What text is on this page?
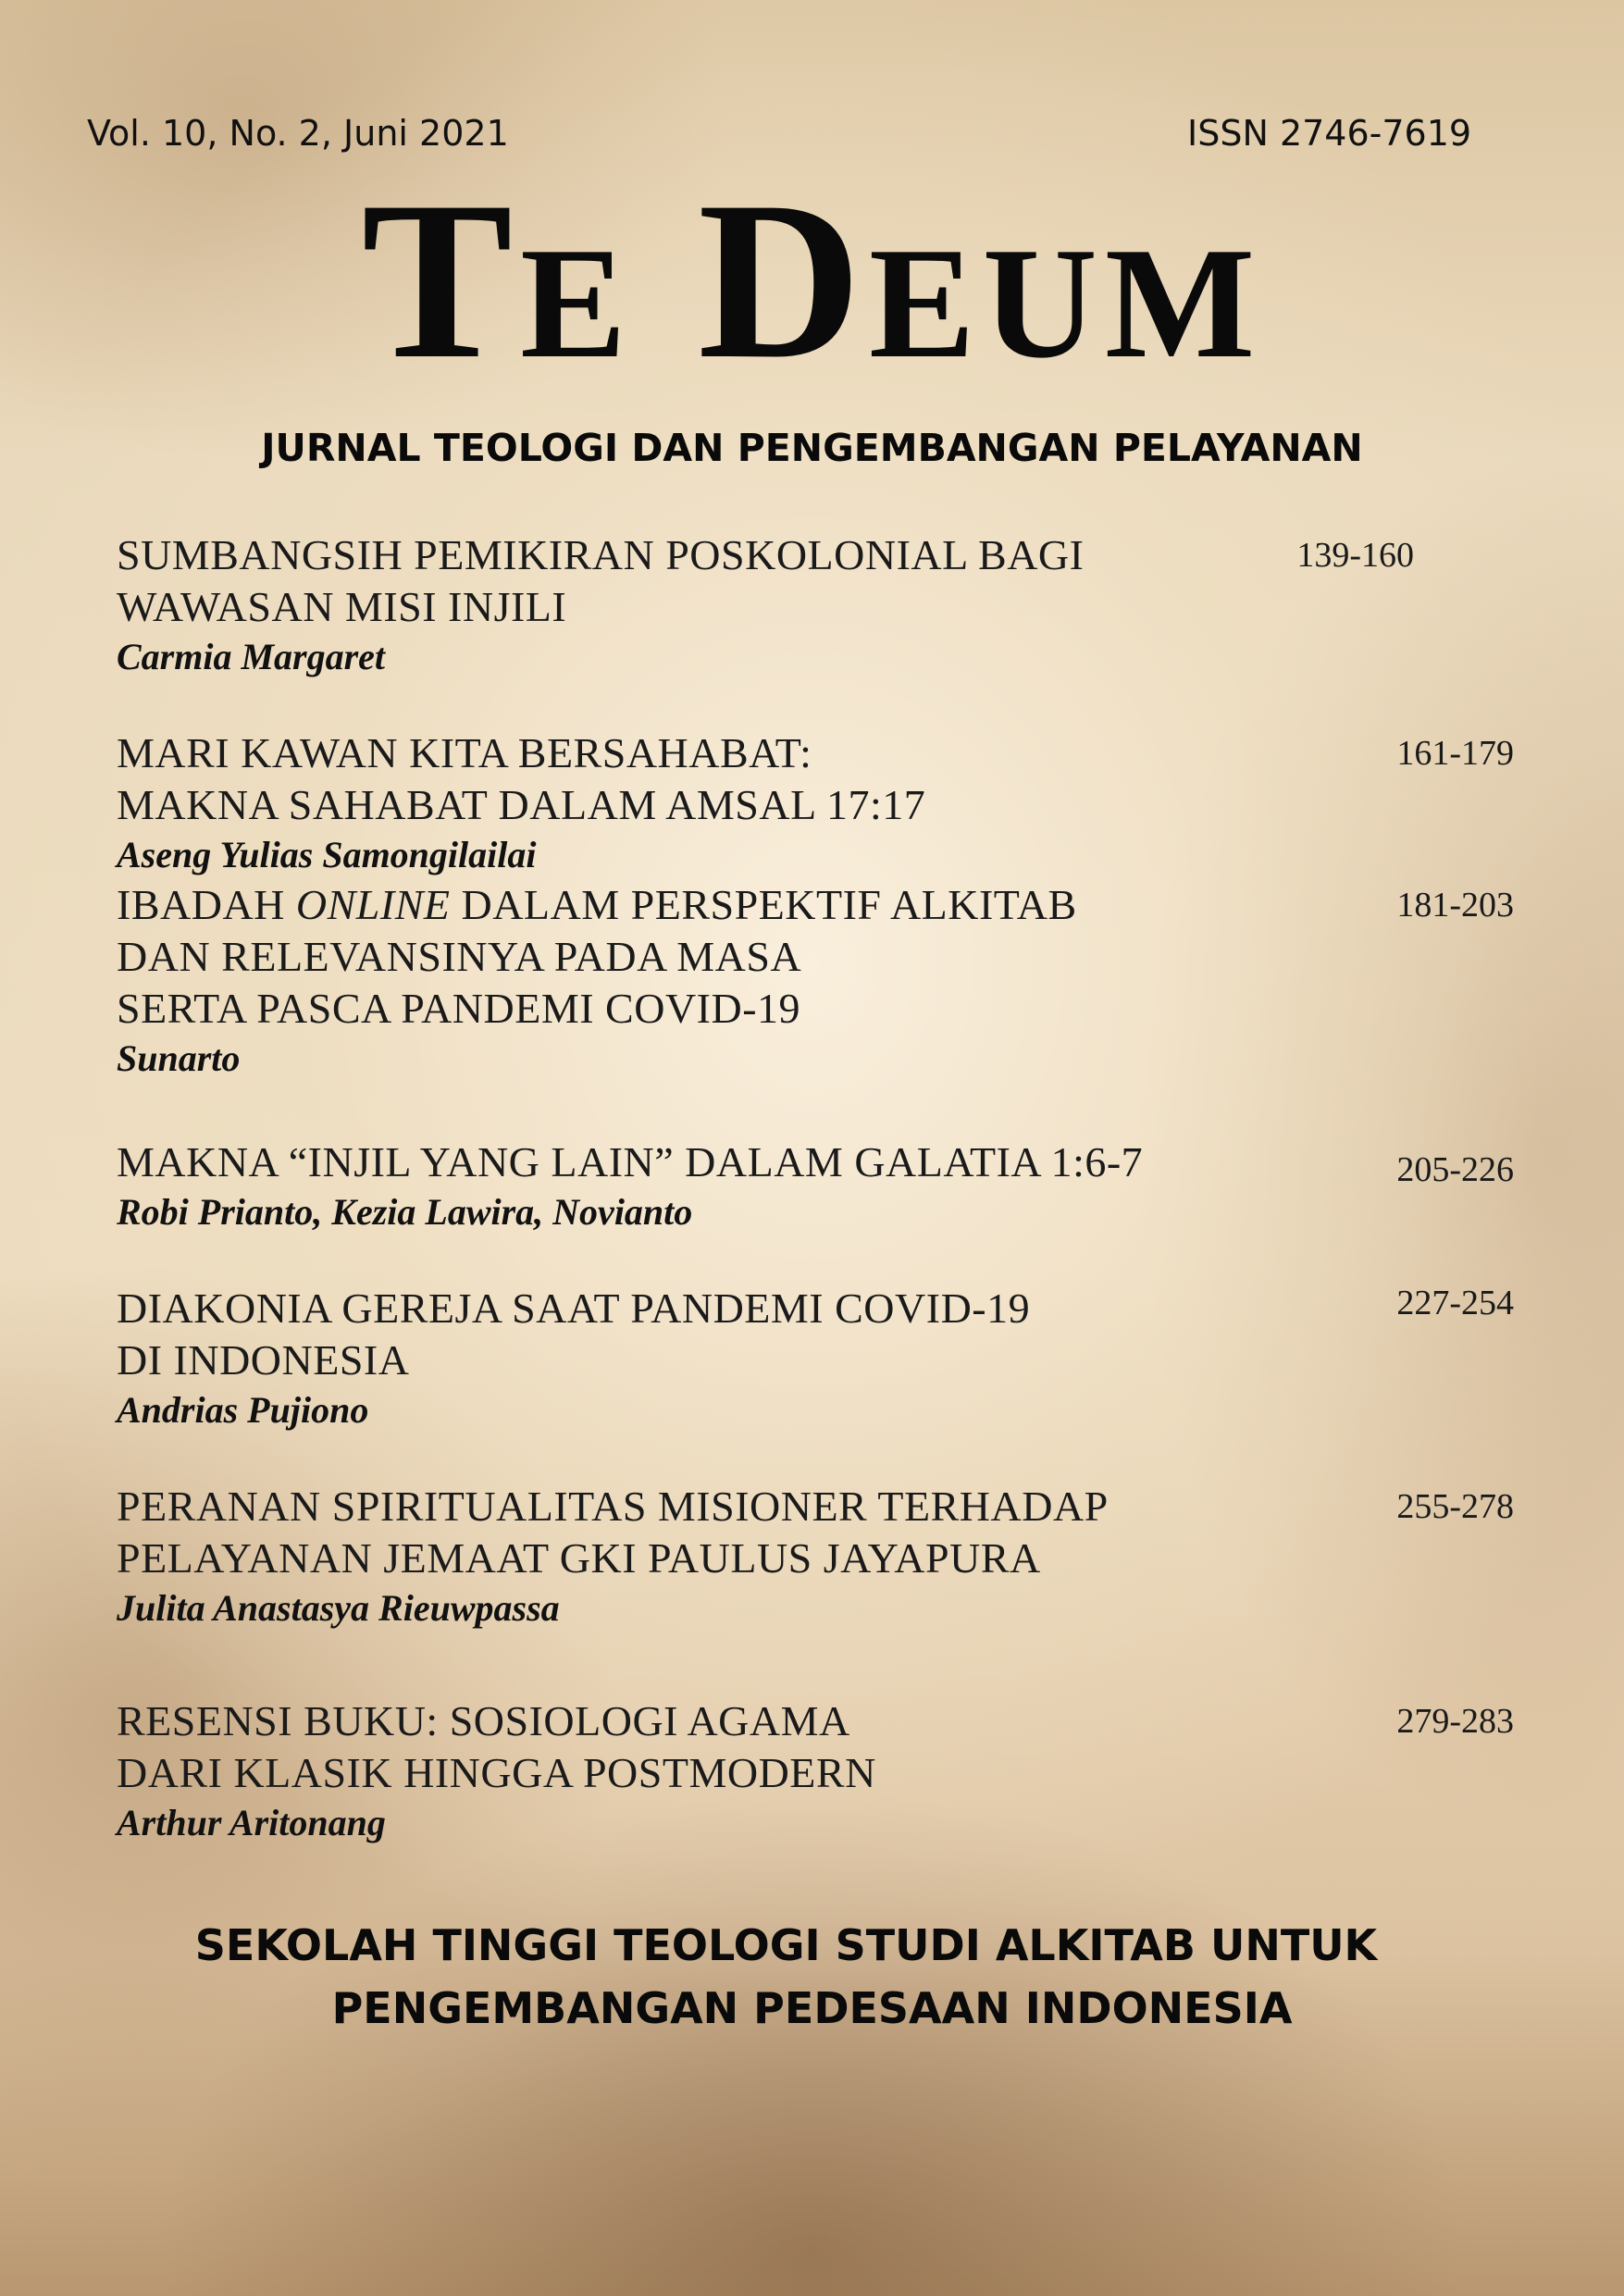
Vol. 10, No. 2, Juni 2021	ISSN 2746-7619
Te Deum
JURNAL TEOLOGI DAN PENGEMBANGAN PELAYANAN
SUMBANGSIH PEMIKIRAN POSKOLONIAL BAGI
WAWASAN MISI INJILI
Carmia Margaret
139-160
MARI KAWAN KITA BERSAHABAT:
MAKNA SAHABAT DALAM AMSAL 17:17
Aseng Yulias Samongilailai
161-179
IBADAH ONLINE DALAM PERSPEKTIF ALKITAB
DAN RELEVANSINYA PADA MASA
SERTA PASCA PANDEMI COVID-19
Sunarto
181-203
MAKNA “INJIL YANG LAIN” DALAM GALATIA 1:6-7
Robi Prianto, Kezia Lawira, Novianto
205-226
DIAKONIA GEREJA SAAT PANDEMI COVID-19
DI INDONESIA
Andrias Pujiono
227-254
PERANAN SPIRITUALITAS MISIONER TERHADAP
PELAYANAN JEMAAT GKI PAULUS JAYAPURA
Julita Anastasya Rieuwpassa
255-278
RESENSI BUKU: SOSIOLOGI AGAMA
DARI KLASIK HINGGA POSTMODERN
Arthur Aritonang
279-283
SEKOLAH TINGGI TEOLOGI STUDI ALKITAB UNTUK
PENGEMBANGAN PEDESAAN INDONESIA
